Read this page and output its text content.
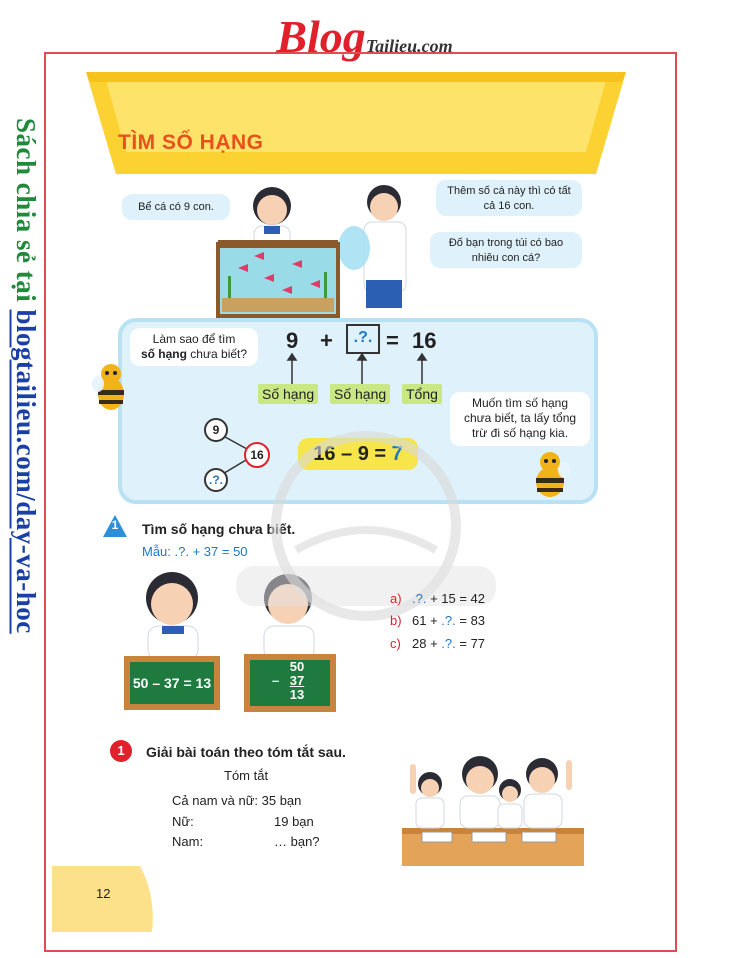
BlogTailieu.com
Sách chia sẻ tại blogtailieu.com/day-va-hoc
TÌM SỐ HẠNG
Bể cá có 9 con.
Thêm số cá này thì có tất cả 16 con.
Đố bạn trong túi có bao nhiêu con cá?
Làm sao để tìm
số hạng chưa biết?
9 +	.?. = 16
Số hạng Số hạng Tổng
9
16
.?.
16 – 9 = 7
Muốn tìm số hạng chưa biết, ta lấy tổng trừ đi số hạng kia.
1 Tìm số hạng chưa biết.
Mẫu: .?. + 37 = 50
50 – 37 = 13
50
– 37
13
a) .?. + 15 = 42
b) 61 + .?. = 83
c) 28 + .?. = 77
1	Giải bài toán theo tóm tắt sau.
Tóm tắt
Cả nam và nữ: 35 bạn
Nữ:	19 bạn
Nam:	… bạn?
12
